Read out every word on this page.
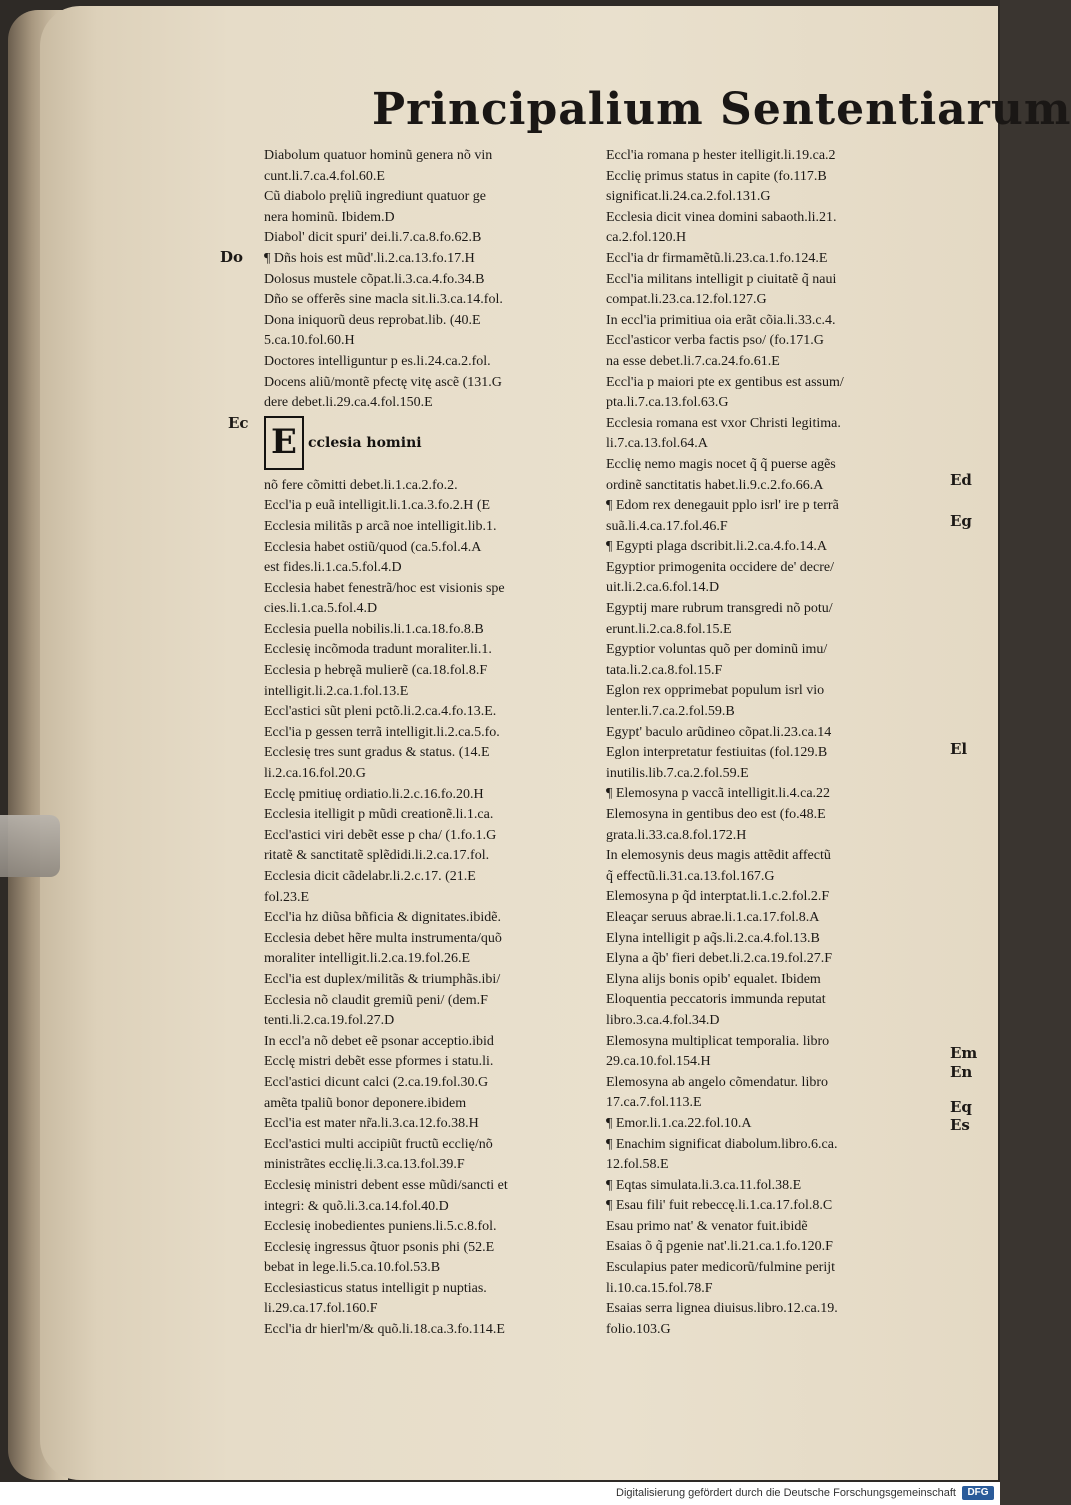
Principalium Sententiarum
Do
Ec
Ed
Eg
El
Em
En
Eq
Es
Diabolum quatuor hominũ genera nõ vin
cunt.li.7.ca.4.fol.60.E
Cũ diabolo pręliũ ingrediunt quatuor ge
nera hominũ. Ibidem.D
Diabol' dicit spuri' dei.li.7.ca.8.fo.62.B
¶ Dñs hois est mũd'.li.2.ca.13.fo.17.H
Dolosus mustele cõpat.li.3.ca.4.fo.34.B
Dño se offerẽs sine macla sit.li.3.ca.14.fol.
Dona iniquorũ deus reprobat.lib. (40.E
5.ca.10.fol.60.H
Doctores intelliguntur p es.li.24.ca.2.fol.
Docens aliũ/montẽ pfectę vitę ascẽ (131.G
dere debet.li.29.ca.4.fol.150.E
E cclesia homini
nõ fere cõmitti debet.li.1.ca.2.fo.2.
Eccl'ia p euã intelligit.li.1.ca.3.fo.2.H (E
Ecclesia militãs p arcã noe intelligit.lib.1.
Ecclesia habet ostiũ/quod (ca.5.fol.4.A
est fides.li.1.ca.5.fol.4.D
Ecclesia habet fenestrã/hoc est visionis spe
cies.li.1.ca.5.fol.4.D
Ecclesia puella nobilis.li.1.ca.18.fo.8.B
Ecclesię incõmoda tradunt moraliter.li.1.
Ecclesia p hebręã mulierẽ (ca.18.fol.8.F
intelligit.li.2.ca.1.fol.13.E
Eccl'astici sũt pleni pctõ.li.2.ca.4.fo.13.E.
Eccl'ia p gessen terrã intelligit.li.2.ca.5.fo.
Ecclesię tres sunt gradus & status. (14.E
li.2.ca.16.fol.20.G
Ecclę pmitiuę ordiatio.li.2.c.16.fo.20.H
Ecclesia itelligit p mũdi creationẽ.li.1.ca.
Eccl'astici viri debẽt esse p cha/ (1.fo.1.G
ritatẽ & sanctitatẽ splẽdidi.li.2.ca.17.fol.
Ecclesia dicit cãdelabr.li.2.c.17. (21.E
fol.23.E
Eccl'ia hz diũsa bñficia & dignitates.ibidẽ.
Ecclesia debet hẽre multa instrumenta/quõ
moraliter intelligit.li.2.ca.19.fol.26.E
Eccl'ia est duplex/militãs & triumphãs.ibi/
Ecclesia nõ claudit gremiũ peni/ (dem.F
tenti.li.2.ca.19.fol.27.D
In eccl'a nõ debet eẽ psonar acceptio.ibid
Ecclę mistri debẽt esse pformes i statu.li.
Eccl'astici dicunt calci (2.ca.19.fol.30.G
amẽta tpaliũ bonor deponere.ibidem
Eccl'ia est mater nr̃a.li.3.ca.12.fo.38.H
Eccl'astici multi accipiũt fructũ ecclię/nõ
ministrãtes ecclię.li.3.ca.13.fol.39.F
Ecclesię ministri debent esse mũdi/sancti et
integri: & quõ.li.3.ca.14.fol.40.D
Ecclesię inobedientes puniens.li.5.c.8.fol.
Ecclesię ingressus q̃tuor psonis phi (52.E
bebat in lege.li.5.ca.10.fol.53.B
Ecclesiasticus status intelligit p nuptias.
li.29.ca.17.fol.160.F
Eccl'ia dr hierl'm/& quõ.li.18.ca.3.fo.114.E
Eccl'ia romana p hester itelligit.li.19.ca.2
Ecclię primus status in capite (fo.117.B
significat.li.24.ca.2.fol.131.G
Ecclesia dicit vinea domini sabaoth.li.21.
ca.2.fol.120.H
Eccl'ia dr firmamẽtũ.li.23.ca.1.fo.124.E
Eccl'ia militans intelligit p ciuitatẽ q̃ naui
compat.li.23.ca.12.fol.127.G
In eccl'ia primitiua oia erãt cõia.li.33.c.4.
Eccl'asticor verba factis pso/ (fo.171.G
na esse debet.li.7.ca.24.fo.61.E
Eccl'ia p maiori pte ex gentibus est assum/
pta.li.7.ca.13.fol.63.G
Ecclesia romana est vxor Christi legitima.
li.7.ca.13.fol.64.A
Ecclię nemo magis nocet q̃ q̃ puerse agẽs
ordinẽ sanctitatis habet.li.9.c.2.fo.66.A
¶ Edom rex denegauit pplo isrl' ire p terrã
suã.li.4.ca.17.fol.46.F
¶ Egypti plaga dscribit.li.2.ca.4.fo.14.A
Egyptior primogenita occidere de' decre/
uit.li.2.ca.6.fol.14.D
Egyptij mare rubrum transgredi nõ potu/
erunt.li.2.ca.8.fol.15.E
Egyptior voluntas quõ per dominũ imu/
tata.li.2.ca.8.fol.15.F
Eglon rex opprimebat populum isrl vio
lenter.li.7.ca.2.fol.59.B
Egypt' baculo arũdineo cõpat.li.23.ca.14
Eglon interpretatur festiuitas (fol.129.B
inutilis.lib.7.ca.2.fol.59.E
¶ Elemosyna p vaccã intelligit.li.4.ca.22
Elemosyna in gentibus deo est (fo.48.E
grata.li.33.ca.8.fol.172.H
In elemosynis deus magis attẽdit affectũ
q̃ effectũ.li.31.ca.13.fol.167.G
Elemosyna p q̃d interptat.li.1.c.2.fol.2.F
Eleaçar seruus abrae.li.1.ca.17.fol.8.A
Elyna intelligit p aq̃s.li.2.ca.4.fol.13.B
Elyna a q̃b' fieri debet.li.2.ca.19.fol.27.F
Elyna alijs bonis opib' equalet. Ibidem
Eloquentia peccatoris immunda reputat
libro.3.ca.4.fol.34.D
Elemosyna multiplicat temporalia. libro
29.ca.10.fol.154.H
Elemosyna ab angelo cõmendatur. libro
17.ca.7.fol.113.E
¶ Emor.li.1.ca.22.fol.10.A
¶ Enachim significat diabolum.libro.6.ca.
12.fol.58.E
¶ Eqtas simulata.li.3.ca.11.fol.38.E
¶ Esau fili' fuit rebeccę.li.1.ca.17.fol.8.C
Esau primo nat' & venator fuit.ibidẽ
Esaias õ q̃ pgenie nat'.li.21.ca.1.fo.120.F
Esculapius pater medicorũ/fulmine perijt
li.10.ca.15.fol.78.F
Esaias serra lignea diuisus.libro.12.ca.19.
folio.103.G
Digitalisierung gefördert durch die Deutsche Forschungsgemeinschaft	DFG
